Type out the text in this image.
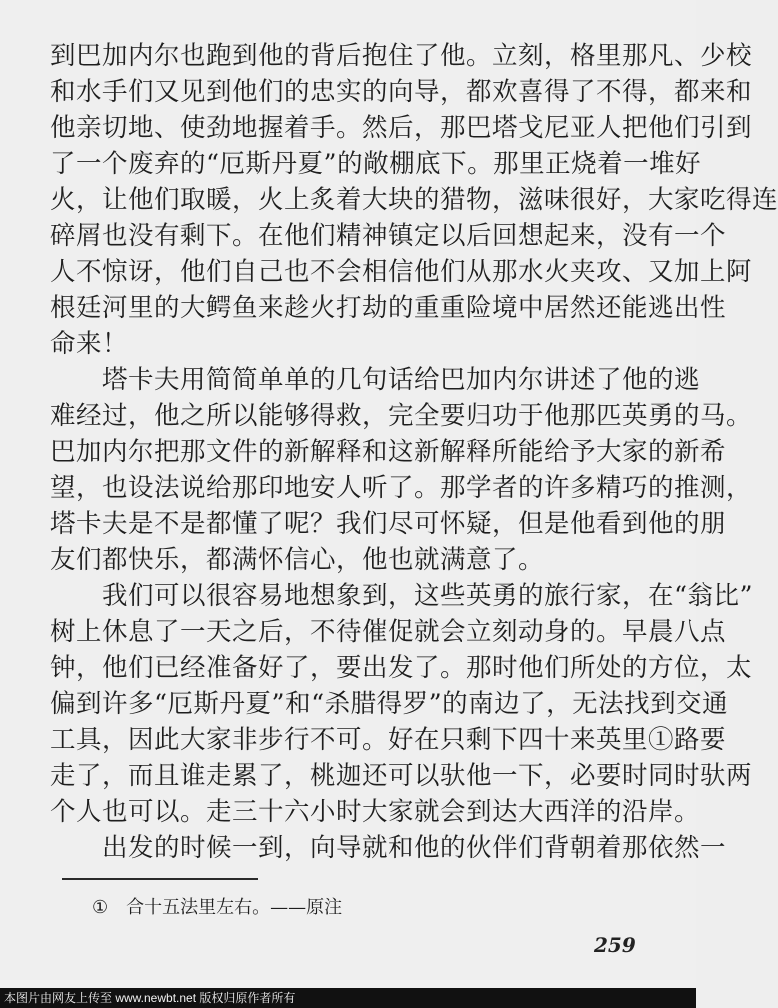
到巴加内尔也跑到他的背后抱住了他。立刻，格里那凡、少校
和水手们又见到他们的忠实的向导，都欢喜得了不得，都来和
他亲切地、使劲地握着手。然后，那巴塔戈尼亚人把他们引到
了一个废弃的“厄斯丹夏”的敞棚底下。那里正烧着一堆好
火，让他们取暖，火上炙着大块的猎物，滋味很好，大家吃得连
碎屑也没有剩下。在他们精神镇定以后回想起来，没有一个
人不惊讶，他们自己也不会相信他们从那水火夹攻、又加上阿
根廷河里的大鳄鱼来趁火打劫的重重险境中居然还能逃出性
命来！
　　塔卡夫用简简单单的几句话给巴加内尔讲述了他的逃
难经过，他之所以能够得救，完全要归功于他那匹英勇的马。
巴加内尔把那文件的新解释和这新解释所能给予大家的新希
望，也设法说给那印地安人听了。那学者的许多精巧的推测，
塔卡夫是不是都懂了呢？我们尽可怀疑，但是他看到他的朋
友们都快乐，都满怀信心，他也就满意了。
　　我们可以很容易地想象到，这些英勇的旅行家，在“翁比”
树上休息了一天之后，不待催促就会立刻动身的。早晨八点
钟，他们已经准备好了，要出发了。那时他们所处的方位，太
偏到许多“厄斯丹夏”和“杀腊得罗”的南边了，无法找到交通
工具，因此大家非步行不可。好在只剩下四十来英里①路要
走了，而且谁走累了，桃迦还可以驮他一下，必要时同时驮两
个人也可以。走三十六小时大家就会到达大西洋的沿岸。
　　出发的时候一到，向导就和他的伙伴们背朝着那依然一
① 合十五法里左右。——原注
259
本图片由网友上传至 www.newbt.net 版权归原作者所有
